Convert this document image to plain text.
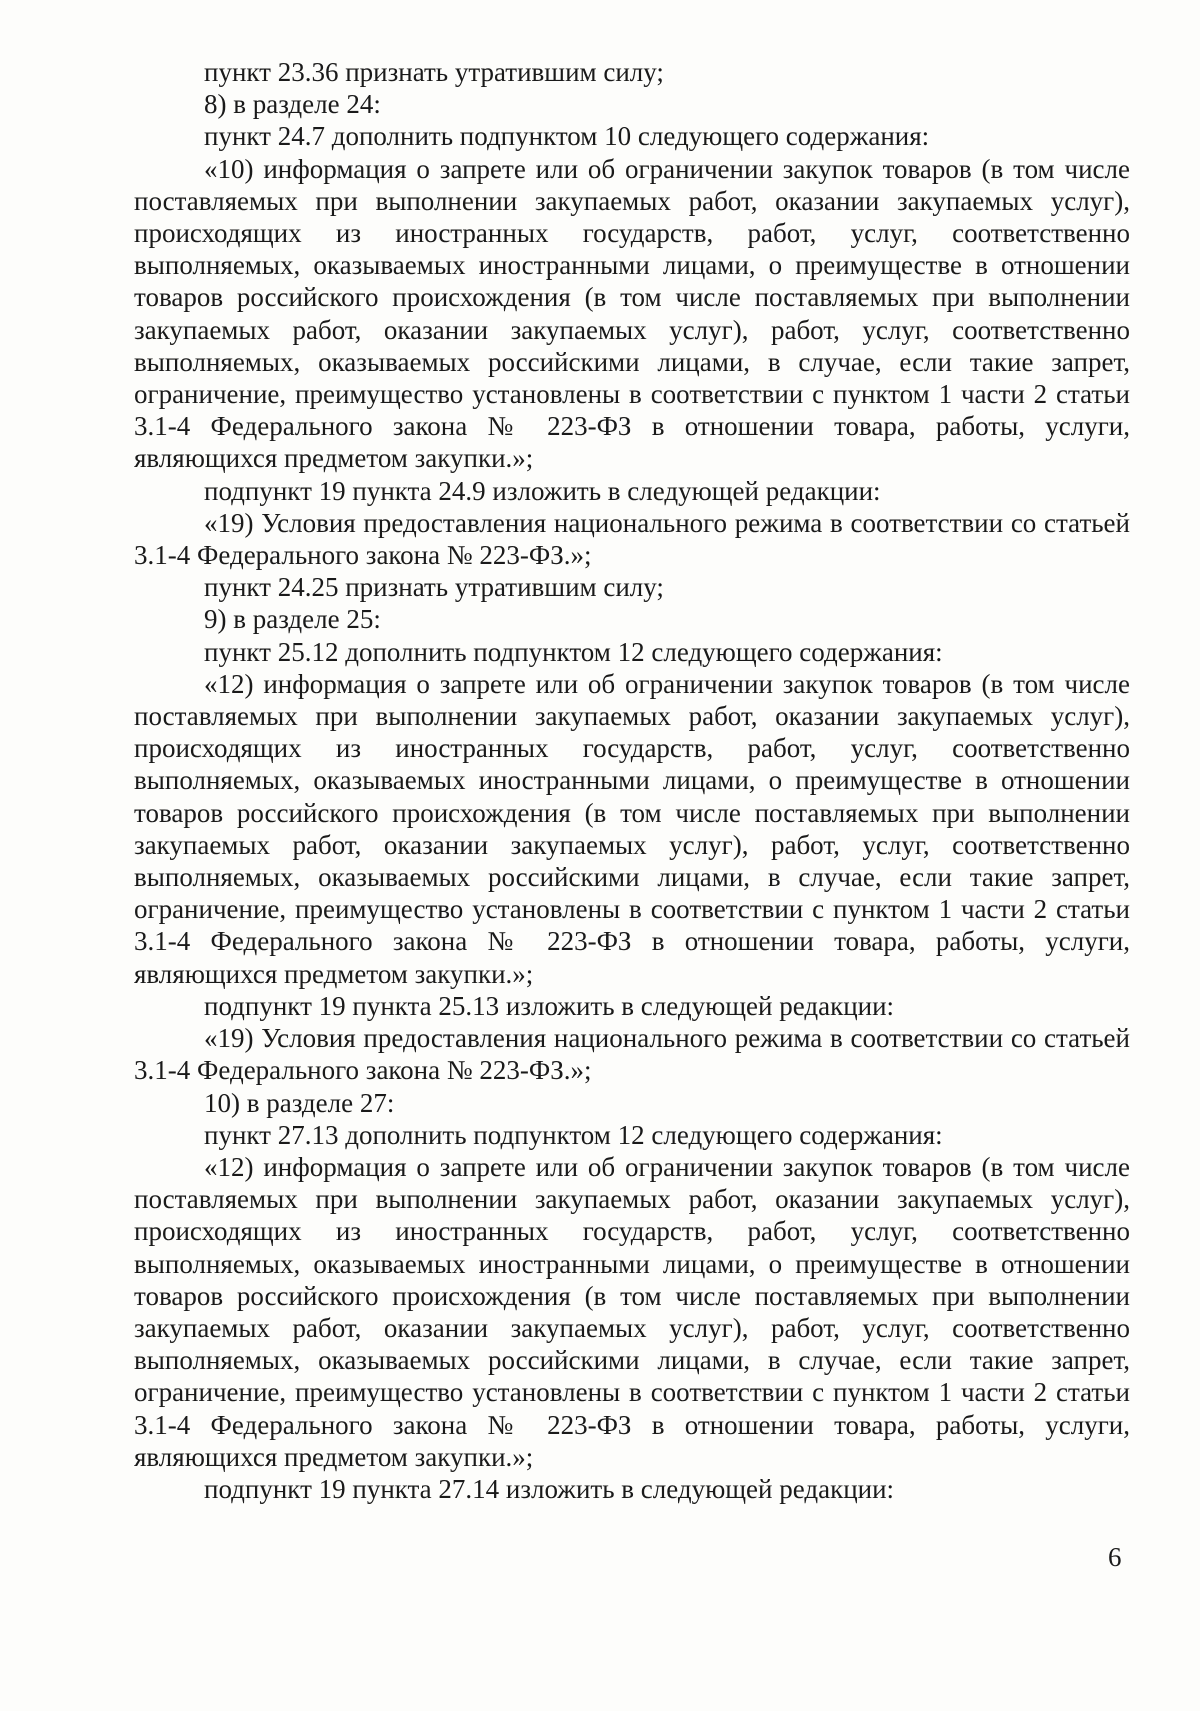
пункт 23.36 признать утратившим силу;

8) в разделе 24:

пункт 24.7 дополнить подпунктом 10 следующего содержания:

«10) информация о запрете или об ограничении закупок товаров (в том числе поставляемых при выполнении закупаемых работ, оказании закупаемых услуг), происходящих из иностранных государств, работ, услуг, соответственно выполняемых, оказываемых иностранными лицами, о преимуществе в отношении товаров российского происхождения (в том числе поставляемых при выполнении закупаемых работ, оказании закупаемых услуг), работ, услуг, соответственно выполняемых, оказываемых российскими лицами, в случае, если такие запрет, ограничение, преимущество установлены в соответствии с пунктом 1 части 2 статьи 3.1-4 Федерального закона № 223-ФЗ в отношении товара, работы, услуги, являющихся предметом закупки.»;

подпункт 19 пункта 24.9 изложить в следующей редакции:

«19) Условия предоставления национального режима в соответствии со статьей 3.1-4 Федерального закона № 223-ФЗ.»;

пункт 24.25 признать утратившим силу;

9) в разделе 25:

пункт 25.12 дополнить подпунктом 12 следующего содержания:

«12) информация о запрете или об ограничении закупок товаров (в том числе поставляемых при выполнении закупаемых работ, оказании закупаемых услуг), происходящих из иностранных государств, работ, услуг, соответственно выполняемых, оказываемых иностранными лицами, о преимуществе в отношении товаров российского происхождения (в том числе поставляемых при выполнении закупаемых работ, оказании закупаемых услуг), работ, услуг, соответственно выполняемых, оказываемых российскими лицами, в случае, если такие запрет, ограничение, преимущество установлены в соответствии с пунктом 1 части 2 статьи 3.1-4 Федерального закона № 223-ФЗ в отношении товара, работы, услуги, являющихся предметом закупки.»;

подпункт 19 пункта 25.13 изложить в следующей редакции:

«19) Условия предоставления национального режима в соответствии со статьей 3.1-4 Федерального закона № 223-ФЗ.»;

10) в разделе 27:

пункт 27.13 дополнить подпунктом 12 следующего содержания:

«12) информация о запрете или об ограничении закупок товаров (в том числе поставляемых при выполнении закупаемых работ, оказании закупаемых услуг), происходящих из иностранных государств, работ, услуг, соответственно выполняемых, оказываемых иностранными лицами, о преимуществе в отношении товаров российского происхождения (в том числе поставляемых при выполнении закупаемых работ, оказании закупаемых услуг), работ, услуг, соответственно выполняемых, оказываемых российскими лицами, в случае, если такие запрет, ограничение, преимущество установлены в соответствии с пунктом 1 части 2 статьи 3.1-4 Федерального закона № 223-ФЗ в отношении товара, работы, услуги, являющихся предметом закупки.»;

подпункт 19 пункта 27.14 изложить в следующей редакции:

6
